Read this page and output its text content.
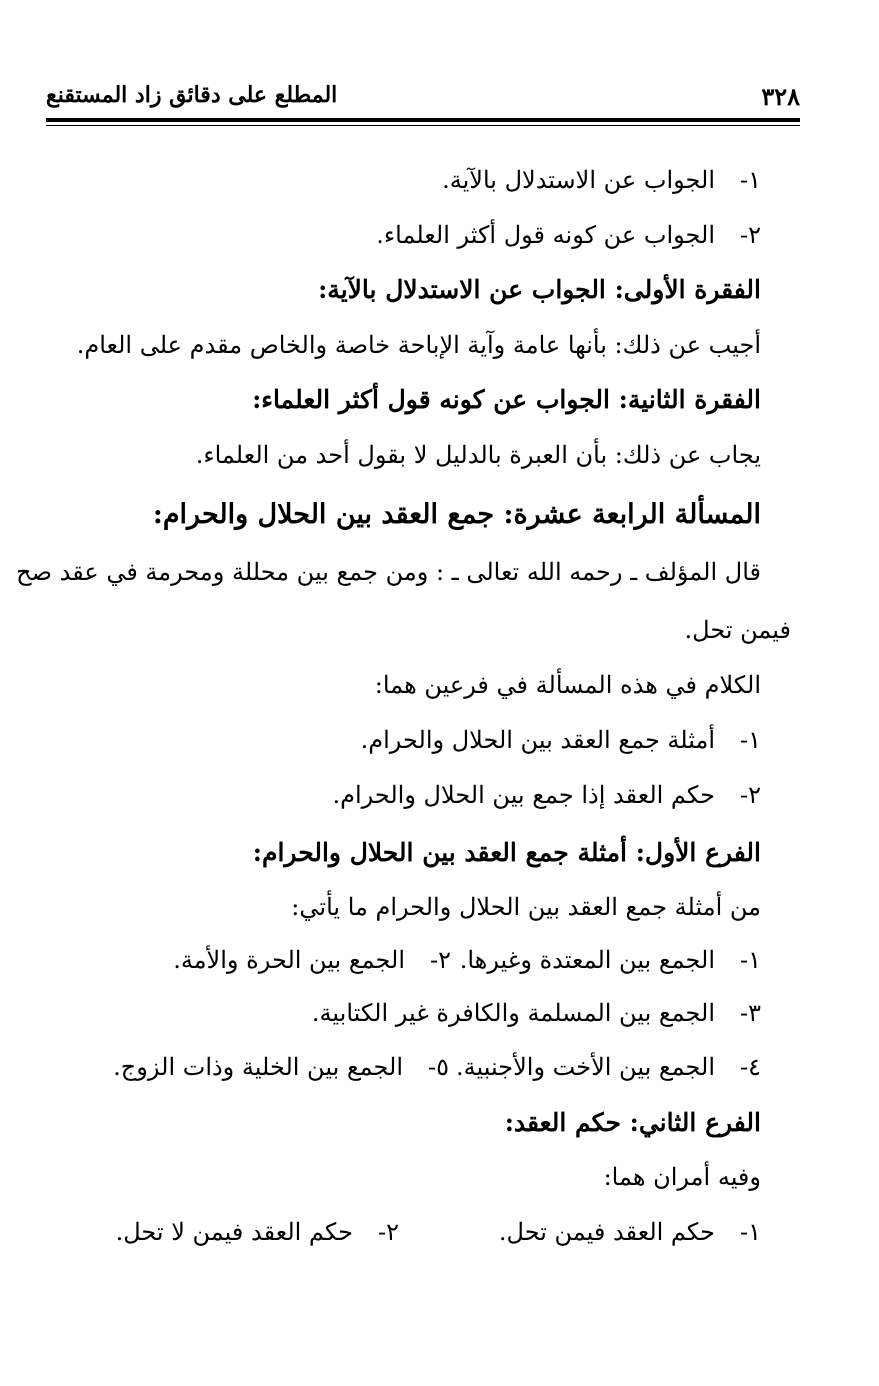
٣٢٨
المطلع على دقائق زاد المستقنع
١-الجواب عن الاستدلال بالآية.
٢-الجواب عن كونه قول أكثر العلماء.
الفقرة الأولى: الجواب عن الاستدلال بالآية:
أجيب عن ذلك: بأنها عامة وآية الإباحة خاصة والخاص مقدم على العام.
الفقرة الثانية: الجواب عن كونه قول أكثر العلماء:
يجاب عن ذلك: بأن العبرة بالدليل لا بقول أحد من العلماء.
المسألة الرابعة عشرة: جمع العقد بين الحلال والحرام:
قال المؤلف ـ رحمه الله تعالى ـ : ومن جمع بين محللة ومحرمة في عقد صح
فيمن تحل.
الكلام في هذه المسألة في فرعين هما:
١-أمثلة جمع العقد بين الحلال والحرام.
٢-حكم العقد إذا جمع بين الحلال والحرام.
الفرع الأول: أمثلة جمع العقد بين الحلال والحرام:
من أمثلة جمع العقد بين الحلال والحرام ما يأتي:
١-الجمع بين المعتدة وغيرها.
٢-الجمع بين الحرة والأمة.
٣-الجمع بين المسلمة والكافرة غير الكتابية.
٤-الجمع بين الأخت والأجنبية.
٥-الجمع بين الخلية وذات الزوج.
الفرع الثاني: حكم العقد:
وفيه أمران هما:
١-حكم العقد فيمن تحل.
٢-حكم العقد فيمن لا تحل.
